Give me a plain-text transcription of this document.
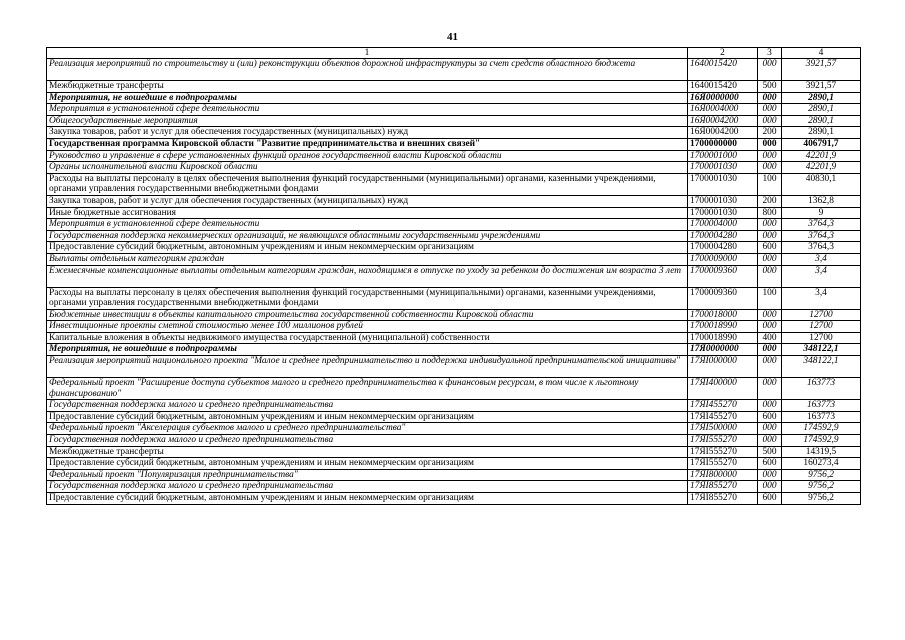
41
1	2	3	4
Реализация мероприятий по строительству и (или) реконструкции объектов дорожной инфраструктуры за счет средств областного бюджета	1640015420	000	3921,57
Межбюджетные трансферты	1640015420	500	3921,57
Мероприятия, не вошедшие в подпрограммы	16Я0000000	000	2890,1
Мероприятия в установленной сфере деятельности	16Я0004000	000	2890,1
Общегосударственные мероприятия	16Я0004200	000	2890,1
Закупка товаров, работ и услуг для обеспечения государственных (муниципальных) нужд	16Я0004200	200	2890,1
Государственная программа Кировской области "Развитие предпринимательства и внешних связей"	1700000000	000	406791,7
Руководство и управление в сфере установленных функций органов государственной власти Кировской области	1700001000	000	42201,9
Органы исполнительной власти Кировской области	1700001030	000	42201,9
Расходы на выплаты персоналу в целях обеспечения выполнения функций государственными (муниципальными) органами, казенными учреждениями, органами управления государственными внебюджетными фондами	1700001030	100	40830,1
Закупка товаров, работ и услуг для обеспечения государственных (муниципальных) нужд	1700001030	200	1362,8
Иные бюджетные ассигнования	1700001030	800	9
Мероприятия в установленной сфере деятельности	1700004000	000	3764,3
Государственная поддержка некоммерческих организаций, не являющихся областными государственными учреждениями	1700004280	000	3764,3
Предоставление субсидий бюджетным, автономным учреждениям и иным некоммерческим организациям	1700004280	600	3764,3
Выплаты отдельным категориям граждан	1700009000	000	3,4
Ежемесячные компенсационные выплаты отдельным категориям граждан, находящимся в отпуске по уходу за ребенком до достижения им возраста 3 лет	1700009360	000	3,4
Расходы на выплаты персоналу в целях обеспечения выполнения функций государственными (муниципальными) органами, казенными учреждениями, органами управления государственными внебюджетными фондами	1700009360	100	3,4
Бюджетные инвестиции в объекты капитального строительства государственной собственности Кировской области	1700018000	000	12700
Инвестиционные проекты сметной стоимостью менее 100 миллионов рублей	1700018990	000	12700
Капитальные вложения в объекты недвижимого имущества государственной (муниципальной) собственности	1700018990	400	12700
Мероприятия, не вошедшие в подпрограммы	17Я0000000	000	348122,1
Реализация мероприятий национального проекта "Малое и среднее предпринимательство и поддержка индивидуальной предпринимательской инициативы"	17ЯI000000	000	348122,1
Федеральный проект "Расширение доступа субъектов малого и среднего предпринимательства к финансовым ресурсам, в том числе к льготному финансированию"	17ЯI400000	000	163773
Государственная поддержка малого и среднего предпринимательства	17ЯI455270	000	163773
Предоставление субсидий бюджетным, автономным учреждениям и иным некоммерческим организациям	17ЯI455270	600	163773
Федеральный проект "Акселерация субъектов малого и среднего предпринимательства"	17ЯI500000	000	174592,9
Государственная поддержка малого и среднего предпринимательства	17ЯI555270	000	174592,9
Межбюджетные трансферты	17ЯI555270	500	14319,5
Предоставление субсидий бюджетным, автономным учреждениям и иным некоммерческим организациям	17ЯI555270	600	160273,4
Федеральный проект "Популяризация предпринимательства"	17ЯI800000	000	9756,2
Государственная поддержка малого и среднего предпринимательства	17ЯI855270	000	9756,2
Предоставление субсидий бюджетным, автономным учреждениям и иным некоммерческим организациям	17ЯI855270	600	9756,2
